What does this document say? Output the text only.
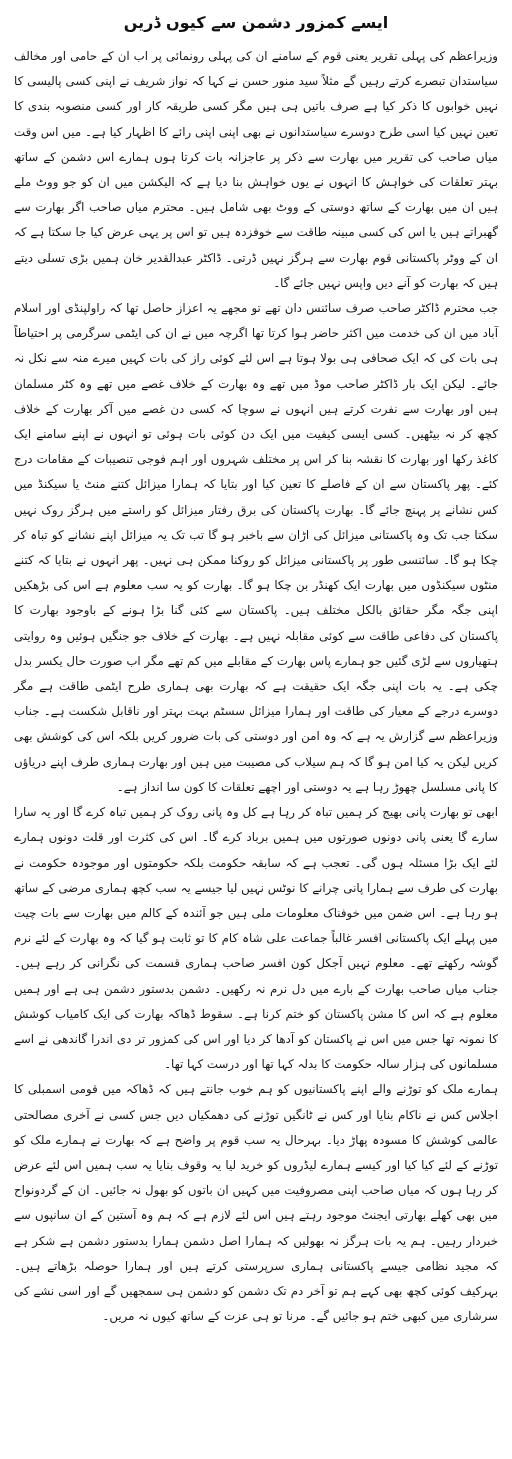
ایسے کمزور دشمن سے کیوں ڈریں

وزیراعظم کی پہلی تقریر یعنی قوم کے سامنے ان کی پہلی رونمائی پر اب ان کے حامی اور مخالف سیاستدان تبصرے کرتے رہیں گے مثلاً سید منور حسن نے کہا کہ نواز شریف نے اپنی کسی پالیسی کا نہیں خوابوں کا ذکر کیا ہے صرف باتیں ہی ہیں مگر کسی طریقہ کار اور کسی منصوبہ بندی کا تعین نہیں کیا اسی طرح دوسرے سیاستدانوں نے بھی اپنی اپنی رائے کا اظہار کیا ہے۔ میں اس وقت میاں صاحب کی تقریر میں بھارت سے ذکر پر عاجزانہ بات کرتا ہوں ہمارے اس دشمن کے ساتھ بہتر تعلقات کی خواہش کا انہوں نے یوں خواہش بنا دیا ہے کہ الیکشن میں ان کو جو ووٹ ملے ہیں ان میں بھارت کے ساتھ دوستی کے ووٹ بھی شامل ہیں۔ محترم میاں صاحب اگر بھارت سے گھبراتے ہیں یا اس کی کسی مبینہ طاقت سے خوفزدہ ہیں تو اس پر یہی عرض کیا جا سکتا ہے کہ ان کے ووٹر پاکستانی قوم بھارت سے ہرگز نہیں ڈرتی۔ ڈاکٹر عبدالقدیر خان ہمیں بڑی تسلی دیتے ہیں کہ بھارت کو آنے دیں واپس نہیں جائے گا۔

جب محترم ڈاکٹر صاحب صرف سائنس دان تھے تو مجھے یہ اعزاز حاصل تھا کہ راولپنڈی اور اسلام آباد میں ان کی خدمت میں اکثر حاضر ہوا کرتا تھا اگرچہ میں نے ان کی ایٹمی سرگرمی پر احتیاطاً ہی بات کی کہ ایک صحافی ہی بولا ہوتا ہے اس لئے کوئی راز کی بات کہیں میرے منہ سے نکل نہ جائے۔ لیکن ایک بار ڈاکٹر صاحب موڈ میں تھے وہ بھارت کے خلاف غصے میں تھے وہ کٹر مسلمان ہیں اور بھارت سے نفرت کرتے ہیں انہوں نے سوچا کہ کسی دن غصے میں آکر بھارت کے خلاف کچھ کر نہ بیٹھیں۔ کسی ایسی کیفیت میں ایک دن کوئی بات ہوئی تو انہوں نے اپنے سامنے ایک کاغذ رکھا اور بھارت کا نقشہ بنا کر اس پر مختلف شہروں اور اہم فوجی تنصیبات کے مقامات درج کئے۔ پھر پاکستان سے ان کے فاصلے کا تعین کیا اور بتایا کہ ہمارا میزائل کتنے منٹ یا سیکنڈ میں کس نشانے پر پہنچ جائے گا۔ بھارت پاکستان کی برق رفتار میزائل کو راستے میں ہرگز روک نہیں سکتا جب تک وہ پاکستانی میزائل کی اڑان سے باخبر ہو گا تب تک یہ میزائل اپنے نشانے کو تباہ کر چکا ہو گا۔ سائنسی طور پر پاکستانی میزائل کو روکنا ممکن ہی نہیں۔ پھر انہوں نے بتایا کہ کتنے منٹوں سیکنڈوں میں بھارت ایک کھنڈر بن چکا ہو گا۔ بھارت کو یہ سب معلوم ہے اس کی بڑھکیں اپنی جگہ مگر حقائق بالکل مختلف ہیں۔ پاکستان سے کئی گنا بڑا ہونے کے باوجود بھارت کا پاکستان کی دفاعی طاقت سے کوئی مقابلہ نہیں ہے۔ بھارت کے خلاف جو جنگیں ہوئیں وہ روایتی ہتھیاروں سے لڑی گئیں جو ہمارے پاس بھارت کے مقابلے میں کم تھے مگر اب صورت حال یکسر بدل چکی ہے۔ یہ بات اپنی جگہ ایک حقیقت ہے کہ بھارت بھی ہماری طرح ایٹمی طاقت ہے مگر دوسرے درجے کے معیار کی طاقت اور ہمارا میزائل سسٹم بہت بہتر اور ناقابل شکست ہے۔ جناب وزیراعظم سے گزارش یہ ہے کہ وہ امن اور دوستی کی بات ضرور کریں بلکہ اس کی کوشش بھی کریں لیکن یہ کیا امن ہو گا کہ ہم سیلاب کی مصیبت میں ہیں اور بھارت ہماری طرف اپنے دریاؤں کا پانی مسلسل چھوڑ رہا ہے یہ دوستی اور اچھے تعلقات کا کون سا انداز ہے۔

ابھی تو بھارت پانی بھیج کر ہمیں تباہ کر رہا ہے کل وہ پانی روک کر ہمیں تباہ کرے گا اور یہ سارا سارے گا یعنی پانی دونوں صورتوں میں ہمیں برباد کرے گا۔ اس کی کثرت اور قلت دونوں ہمارے لئے ایک بڑا مسئلہ ہوں گی۔ تعجب ہے کہ سابقہ حکومت بلکہ حکومتوں اور موجودہ حکومت نے بھارت کی طرف سے ہمارا پانی چرانے کا نوٹس نہیں لیا جیسے یہ سب کچھ ہماری مرضی کے ساتھ ہو رہا ہے۔ اس ضمن میں خوفناک معلومات ملی ہیں جو آئندہ کے کالم میں بھارت سے بات چیت میں پہلے ایک پاکستانی افسر غالباً جماعت علی شاہ کام کا تو ثابت ہو گیا کہ وہ بھارت کے لئے نرم گوشہ رکھتے تھے۔ معلوم نہیں آجکل کون افسر صاحب ہماری قسمت کی نگرانی کر رہے ہیں۔ جناب میاں صاحب بھارت کے بارے میں دل نرم نہ رکھیں۔ دشمن بدستور دشمن ہی ہے اور ہمیں معلوم ہے کہ اس کا مشن پاکستان کو ختم کرنا ہے۔ سقوط ڈھاکہ بھارت کی ایک کامیاب کوشش کا نمونہ تھا جس میں اس نے پاکستان کو آدھا کر دیا اور اس کی کمزور تر دی اندرا گاندھی نے اسے مسلمانوں کی ہزار سالہ حکومت کا بدلہ کہا تھا اور درست کہا تھا۔

ہمارے ملک کو توڑنے والے اپنے پاکستانیوں کو ہم خوب جانتے ہیں کہ ڈھاکہ میں قومی اسمبلی کا اجلاس کس نے ناکام بنایا اور کس نے ٹانگیں توڑنے کی دھمکیاں دیں جس کسی نے آخری مصالحتی عالمی کوشش کا مسودہ پھاڑ دیا۔ بہرحال یہ سب قوم پر واضح ہے کہ بھارت نے ہمارے ملک کو توڑنے کے لئے کیا کیا اور کیسے ہمارے لیڈروں کو خرید لیا یہ وقوف بنایا یہ سب ہمیں اس لئے عرض کر رہا ہوں کہ میاں صاحب اپنی مصروفیت میں کہیں ان باتوں کو بھول نہ جائیں۔ ان کے گردونواح میں بھی کھلے بھارتی ایجنٹ موجود رہتے ہیں اس لئے لازم ہے کہ ہم وہ آستین کے ان سانپوں سے خبردار رہیں۔ ہم یہ بات ہرگز نہ بھولیں کہ ہمارا اصل دشمن ہمارا بدستور دشمن ہے شکر ہے کہ مجید نظامی جیسے پاکستانی ہماری سرپرستی کرتے ہیں اور ہمارا حوصلہ بڑھاتے ہیں۔ بہرکیف کوئی کچھ بھی کہے ہم تو آخر دم تک دشمن کو دشمن ہی سمجھیں گے اور اسی نشے کی سرشاری میں کبھی ختم ہو جائیں گے۔ مرنا تو ہی عزت کے ساتھ کیوں نہ مریں۔
